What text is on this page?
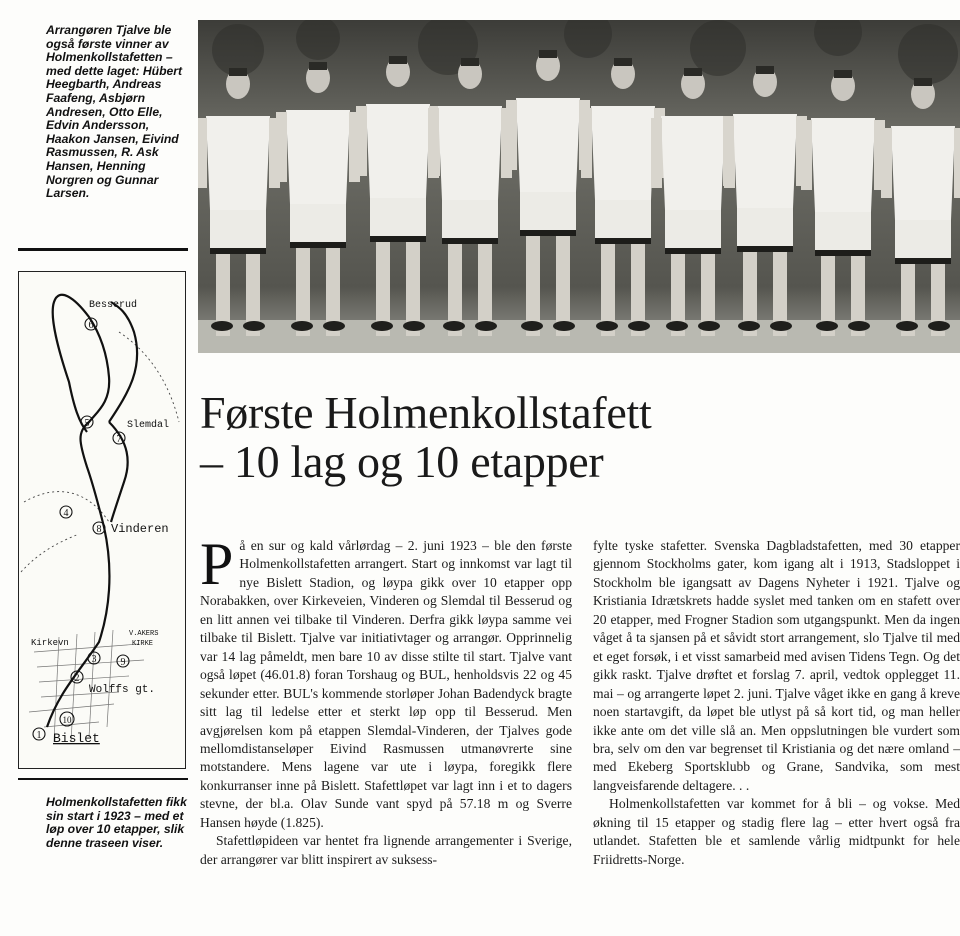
Arrangøren Tjalve ble også første vinner av Holmenkollstafetten – med dette laget: Hübert Heegbarth, Andreas Faafeng, Asbjørn Andresen, Otto Elle, Edvin Andersson, Haakon Jansen, Eivind Rasmussen, R. Ask Hansen, Henning Norgren og Gunnar Larsen.

1
2
3
4
5
6
7
8
9
10
Besserud
Slemdal
Vinderen
Kirkevn
V.AKERS
KIRKE
Wolffs gt.
Bislet

Holmenkollstafetten fikk sin start i 1923 – med et løp over 10 etapper, slik denne traseen viser.

Første Holmenkollstafett
– 10 lag og 10 etapper

På en sur og kald vårlørdag – 2. juni 1923 – ble den første Holmenkollstafetten arrangert. Start og innkomst var lagt til nye Bislett Stadion, og løypa gikk over 10 etapper opp Norabakken, over Kirkeveien, Vinderen og Slemdal til Besserud og en litt annen vei tilbake til Vinderen. Derfra gikk løypa samme vei tilbake til Bislett. Tjalve var initiativtager og arrangør. Opprinnelig var 14 lag påmeldt, men bare 10 av disse stilte til start. Tjalve vant også løpet (46.01.8) foran Torshaug og BUL, henholdsvis 22 og 45 sekunder etter. BUL's kommende storløper Johan Badendyck bragte sitt lag til ledelse etter et sterkt løp opp til Besserud. Men avgjørelsen kom på etappen Slemdal-Vinderen, der Tjalves gode mellomdistanseløper Eivind Rasmussen utmanøvrerte sine motstandere. Mens lagene var ute i løypa, foregikk flere konkurranser inne på Bislett. Stafettløpet var lagt inn i et to dagers stevne, der bl.a. Olav Sunde vant spyd på 57.18 m og Sverre Hansen høyde (1.825).

Stafettløpideen var hentet fra lignende arrangementer i Sverige, der arrangører var blitt inspirert av suksess-

fylte tyske stafetter. Svenska Dagbladstafetten, med 30 etapper gjennom Stockholms gater, kom igang alt i 1913, Stadsloppet i Stockholm ble igangsatt av Dagens Nyheter i 1921. Tjalve og Kristiania Idrætskrets hadde syslet med tanken om en stafett over 20 etapper, med Frogner Stadion som utgangspunkt. Men da ingen våget å ta sjansen på et såvidt stort arrangement, slo Tjalve til med et eget forsøk, i et visst samarbeid med avisen Tidens Tegn. Og det gikk raskt. Tjalve drøftet et forslag 7. april, vedtok opplegget 11. mai – og arrangerte løpet 2. juni. Tjalve våget ikke en gang å kreve noen startavgift, da løpet ble utlyst på så kort tid, og man heller ikke ante om det ville slå an. Men oppslutningen ble vurdert som bra, selv om den var begrenset til Kristiania og det nære omland – med Ekeberg Sportsklubb og Grane, Sandvika, som mest langveisfarende deltagere. . .

Holmenkollstafetten var kommet for å bli – og vokse. Med økning til 15 etapper og stadig flere lag – etter hvert også fra utlandet. Stafetten ble et samlende vårlig midtpunkt for hele Friidretts-Norge.
